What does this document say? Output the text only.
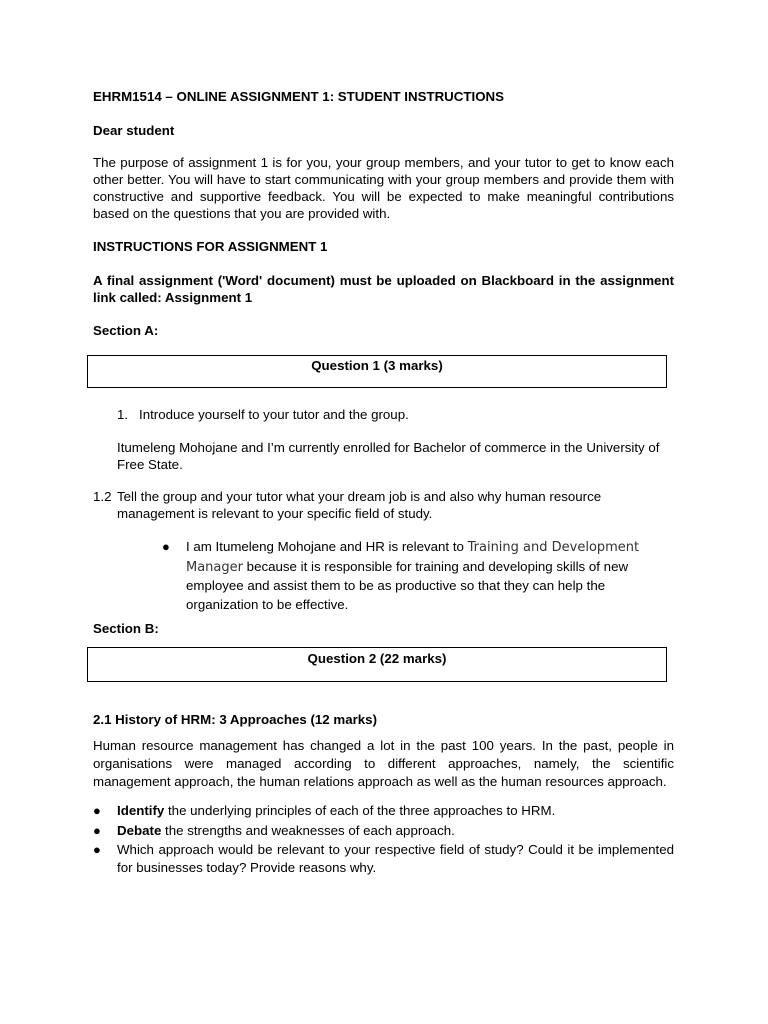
EHRM1514 – ONLINE ASSIGNMENT 1: STUDENT INSTRUCTIONS
Dear student
The purpose of assignment 1 is for you, your group members, and your tutor to get to know each other better. You will have to start communicating with your group members and provide them with constructive and supportive feedback. You will be expected to make meaningful contributions based on the questions that you are provided with.
INSTRUCTIONS FOR ASSIGNMENT 1
A final assignment ('Word' document) must be uploaded on Blackboard in the assignment link called: Assignment 1
Section A:
Question 1 (3 marks)
1. Introduce yourself to your tutor and the group.
Itumeleng Mohojane and I’m currently enrolled for Bachelor of commerce in the University of Free State.
1.2 Tell the group and your tutor what your dream job is and also why human resource management is relevant to your specific field of study.
● I am Itumeleng Mohojane and HR is relevant to Training and Development Manager because it is responsible for training and developing skills of new employee and assist them to be as productive so that they can help the organization to be effective.
Section B:
Question 2 (22 marks)
2.1 History of HRM: 3 Approaches (12 marks)
Human resource management has changed a lot in the past 100 years. In the past, people in organisations were managed according to different approaches, namely, the scientific management approach, the human relations approach as well as the human resources approach.
● Identify the underlying principles of each of the three approaches to HRM.
● Debate the strengths and weaknesses of each approach.
● Which approach would be relevant to your respective field of study? Could it be implemented for businesses today? Provide reasons why.
